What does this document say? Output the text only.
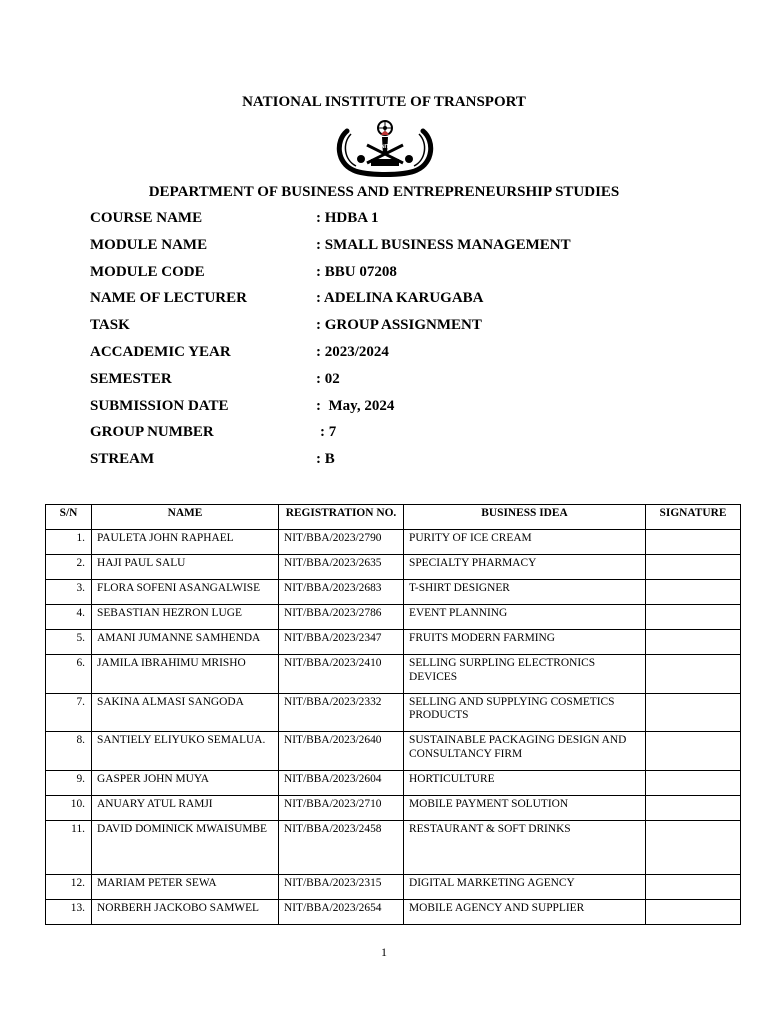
NATIONAL INSTITUTE OF TRANSPORT
NIT
DEPARTMENT OF BUSINESS AND ENTREPRENEURSHIP STUDIES
COURSE NAME	: HDBA 1
MODULE NAME	: SMALL BUSINESS MANAGEMENT
MODULE CODE	: BBU 07208
NAME OF LECTURER	: ADELINA KARUGABA
TASK	: GROUP ASSIGNMENT
ACCADEMIC YEAR	: 2023/2024
SEMESTER	: 02
SUBMISSION DATE	:  May, 2024
GROUP NUMBER	: 7
STREAM	: B
S/N	NAME	REGISTRATION NO.	BUSINESS IDEA	SIGNATURE
1.	PAULETA JOHN RAPHAEL	NIT/BBA/2023/2790	PURITY OF ICE CREAM	
2.	HAJI PAUL SALU	NIT/BBA/2023/2635	SPECIALTY PHARMACY	
3.	FLORA SOFENI ASANGALWISE	NIT/BBA/2023/2683	T-SHIRT DESIGNER	
4.	SEBASTIAN HEZRON LUGE	NIT/BBA/2023/2786	EVENT PLANNING	
5.	AMANI JUMANNE SAMHENDA	NIT/BBA/2023/2347	FRUITS MODERN FARMING	
6.	JAMILA IBRAHIMU MRISHO	NIT/BBA/2023/2410	SELLING SURPLING ELECTRONICS DEVICES	
7.	SAKINA ALMASI SANGODA	NIT/BBA/2023/2332	SELLING AND SUPPLYING COSMETICS PRODUCTS	
8.	SANTIELY ELIYUKO SEMALUA.	NIT/BBA/2023/2640	SUSTAINABLE PACKAGING DESIGN AND CONSULTANCY FIRM	
9.	GASPER JOHN MUYA	NIT/BBA/2023/2604	HORTICULTURE	
10.	ANUARY ATUL RAMJI	NIT/BBA/2023/2710	MOBILE PAYMENT SOLUTION	
11.	DAVID DOMINICK MWAISUMBE	NIT/BBA/2023/2458	RESTAURANT & SOFT DRINKS	
12.	MARIAM PETER SEWA	NIT/BBA/2023/2315	DIGITAL MARKETING AGENCY	
13.	NORBERH JACKOBO SAMWEL	NIT/BBA/2023/2654	MOBILE AGENCY AND SUPPLIER	
1
